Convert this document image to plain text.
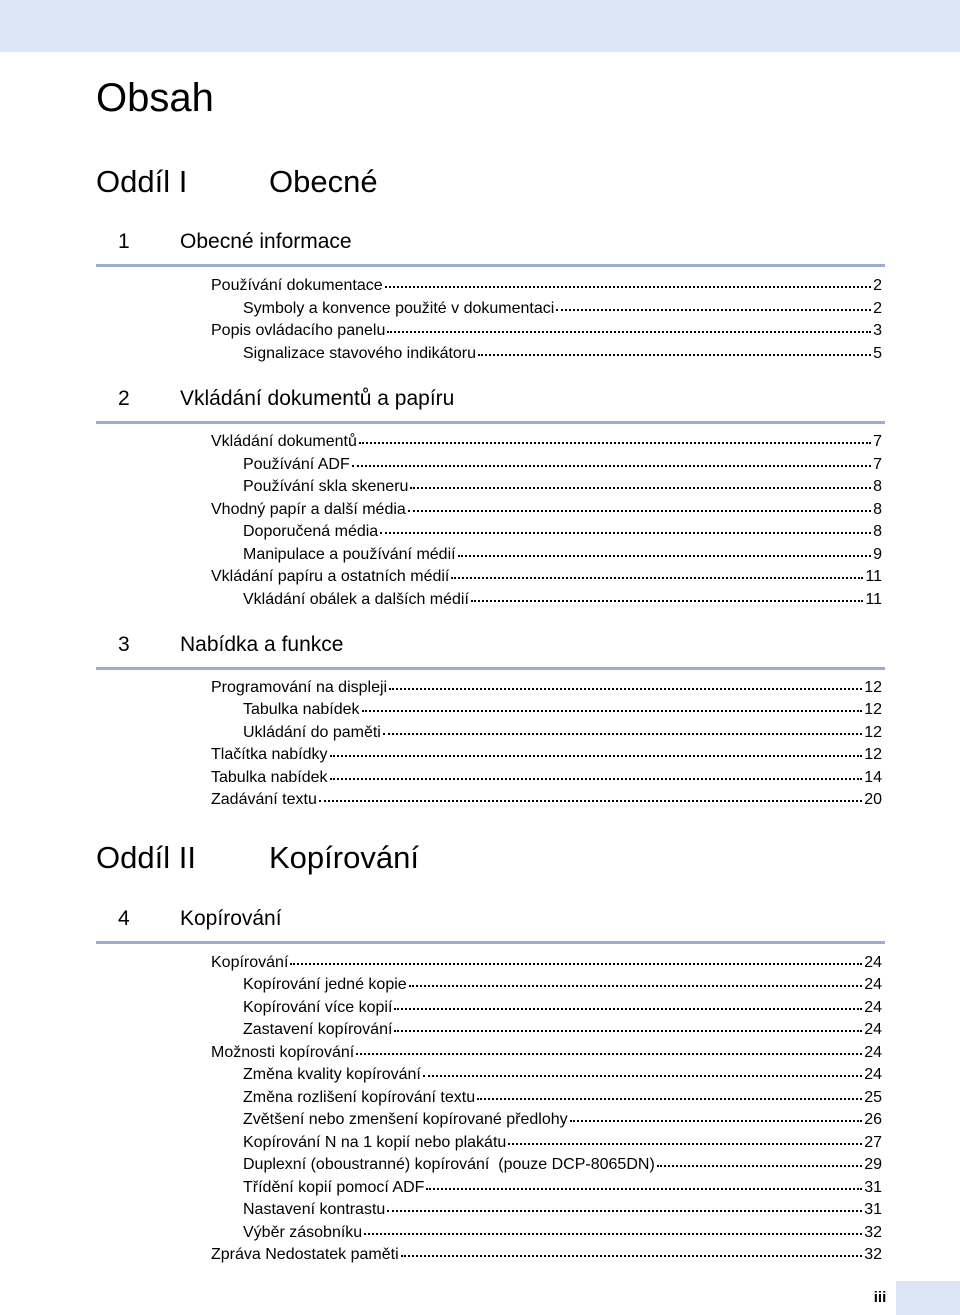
Obsah
Oddíl I	Obecné
1 Obecné informace
Používání dokumentace	2
Symboly a konvence použité v dokumentaci	2
Popis ovládacího panelu	3
Signalizace stavového indikátoru	5
2 Vkládání dokumentů a papíru
Vkládání dokumentů	7
Používání ADF	7
Používání skla skeneru	8
Vhodný papír a další média	8
Doporučená média	8
Manipulace a používání médií	9
Vkládání papíru a ostatních médií	11
Vkládání obálek a dalších médií	11
3 Nabídka a funkce
Programování na displeji	12
Tabulka nabídek	12
Ukládání do paměti	12
Tlačítka nabídky	12
Tabulka nabídek	14
Zadávání textu	20
Oddíl II Kopírování
4 Kopírování
Kopírování	24
Kopírování jedné kopie	24
Kopírování více kopií	24
Zastavení kopírování	24
Možnosti kopírování	24
Změna kvality kopírování	24
Změna rozlišení kopírování textu	25
Zvětšení nebo zmenšení kopírované předlohy	26
Kopírování N na 1 kopií nebo plakátu	27
Duplexní (oboustranné) kopírování  (pouze DCP-8065DN)	29
Třídění kopií pomocí ADF	31
Nastavení kontrastu	31
Výběr zásobníku	32
Zpráva Nedostatek paměti	32
iii
